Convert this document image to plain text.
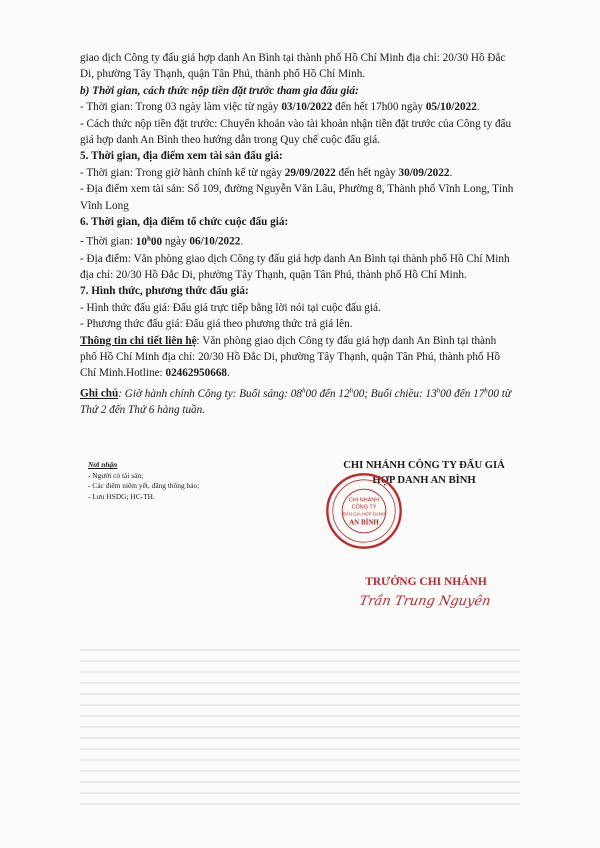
giao dịch Công ty đấu giá hợp danh An Bình tại thành phố Hồ Chí Minh địa chỉ: 20/30 Hồ Đắc
Di, phường Tây Thạnh, quận Tân Phú, thành phố Hồ Chí Minh.
b) Thời gian, cách thức nộp tiền đặt trước tham gia đấu giá:
- Thời gian: Trong 03 ngày làm việc từ ngày 03/10/2022 đến hết 17h00 ngày 05/10/2022.
- Cách thức nộp tiền đặt trước: Chuyển khoản vào tài khoản nhận tiền đặt trước của Công ty đấu
giá hợp danh An Bình theo hướng dẫn trong Quy chế cuộc đấu giá.
5. Thời gian, địa điểm xem tài sản đấu giá:
- Thời gian: Trong giờ hành chính kể từ ngày 29/09/2022 đến hết ngày 30/09/2022.
- Địa điểm xem tài sản: Số 109, đường Nguyễn Văn Lâu, Phường 8, Thành phố Vĩnh Long, Tỉnh
Vĩnh Long
6. Thời gian, địa điểm tổ chức cuộc đấu giá:
- Thời gian: 10$^h$00 ngày 06/10/2022.
- Địa điểm: Văn phòng giao dịch Công ty đấu giá hợp danh An Bình tại thành phố Hồ Chí Minh
địa chỉ: 20/30 Hồ Đắc Di, phường Tây Thạnh, quận Tân Phú, thành phố Hồ Chí Minh.
7. Hình thức, phương thức đấu giá:
- Hình thức đấu giá: Đấu giá trực tiếp bằng lời nói tại cuộc đấu giá.
- Phương thức đấu giá: Đấu giá theo phương thức trả giá lên.
Thông tin chi tiết liên hệ: Văn phòng giao dịch Công ty đấu giá hợp danh An Bình tại thành
phố Hồ Chí Minh địa chỉ: 20/30 Hồ Đắc Di, phường Tây Thạnh, quận Tân Phú, thành phố Hồ
Chí Minh.Hotline: 02462950668.
Ghi chú: Giờ hành chính Công ty: Buổi sáng: 08$^h$00 đến 12$^h$00; Buổi chiều: 13$^h$00 đến 17$^h$00 từ
Thứ 2 đến Thứ 6 hàng tuần.
Nơi nhận
- Người có tài sản;
- Các điểm niêm yết, đăng thông báo;
- Lưu HSDG; HC-TH.
CHI NHÁNH CÔNG TY ĐẤU GIÁ
HỢP DANH AN BÌNH
CHI NHÁNH
CÔNG TY
ĐẤU GIÁ HỢP DANH
AN BÌNH
TRƯỞNG CHI NHÁNH
Trần Trung Nguyên
